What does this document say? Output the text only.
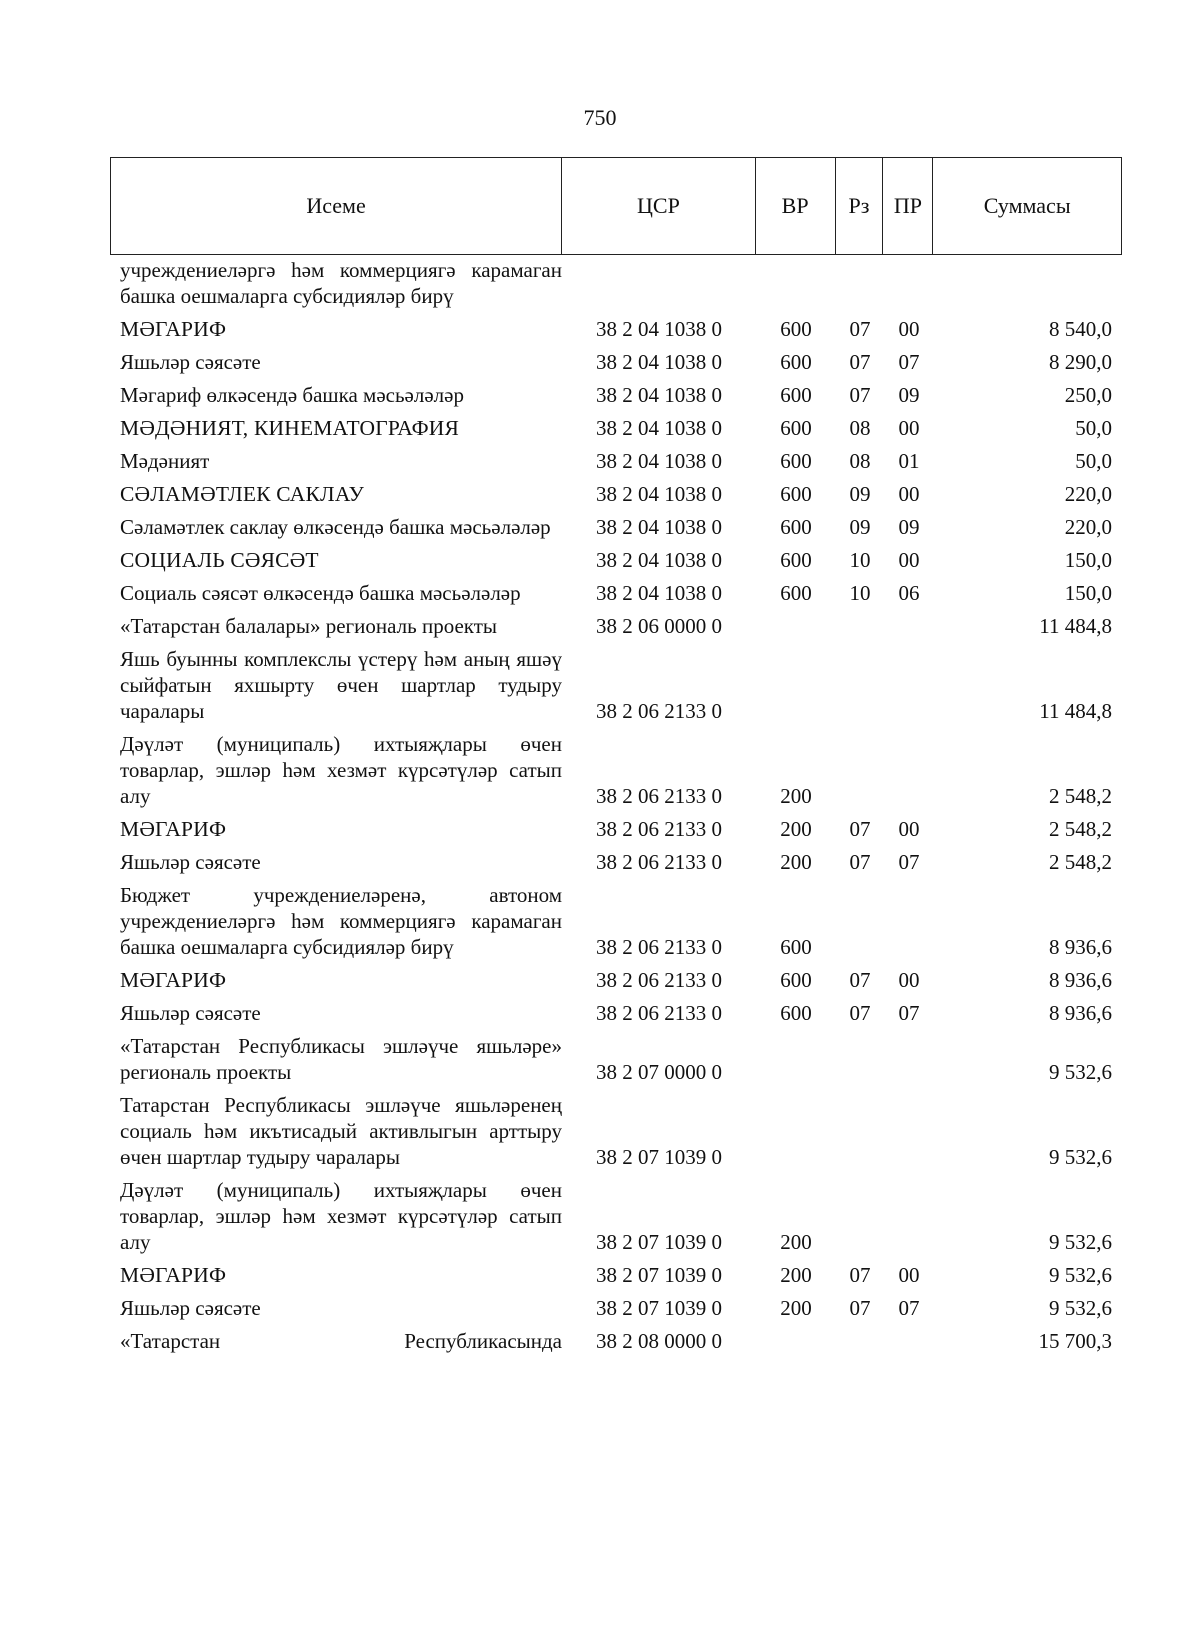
750
Исеме	ЦСР	ВР	Рз	ПР	Суммасы
учреждениеләргә һәм коммерциягә карамаган башка оешмаларга субсидияләр бирү
МӘГАРИФ	38 2 04 1038 0	600	07	00	8 540,0
Яшьләр сәясәте	38 2 04 1038 0	600	07	07	8 290,0
Мәгариф өлкәсендә башка мәсьәләләр	38 2 04 1038 0	600	07	09	250,0
МӘДӘНИЯТ, КИНЕМАТОГРАФИЯ	38 2 04 1038 0	600	08	00	50,0
Мәдәният	38 2 04 1038 0	600	08	01	50,0
СӘЛАМӘТЛЕК САКЛАУ	38 2 04 1038 0	600	09	00	220,0
Сәламәтлек саклау өлкәсендә башка мәсьәләләр	38 2 04 1038 0	600	09	09	220,0
СОЦИАЛЬ СӘЯСӘТ	38 2 04 1038 0	600	10	00	150,0
Социаль сәясәт өлкәсендә башка мәсьәләләр	38 2 04 1038 0	600	10	06	150,0
«Татарстан балалары» региональ проекты	38 2 06 0000 0	11 484,8
Яшь буынны комплекслы үстерү һәм аның яшәү сыйфатын яхшырту өчен шартлар тудыру чаралары	38 2 06 2133 0	11 484,8
Дәүләт (муниципаль) ихтыяҗлары өчен товарлар, эшләр һәм хезмәт күрсәтүләр сатып алу	38 2 06 2133 0	200	2 548,2
МӘГАРИФ	38 2 06 2133 0	200	07	00	2 548,2
Яшьләр сәясәте	38 2 06 2133 0	200	07	07	2 548,2
Бюджет учреждениеләренә, автоном учреждениеләргә һәм коммерциягә карамаган башка оешмаларга субсидияләр бирү	38 2 06 2133 0	600	8 936,6
МӘГАРИФ	38 2 06 2133 0	600	07	00	8 936,6
Яшьләр сәясәте	38 2 06 2133 0	600	07	07	8 936,6
«Татарстан Республикасы эшләүче яшьләре» региональ проекты	38 2 07 0000 0	9 532,6
Татарстан Республикасы эшләүче яшьләренең социаль һәм икътисадый активлыгын арттыру өчен шартлар тудыру чаралары	38 2 07 1039 0	9 532,6
Дәүләт (муниципаль) ихтыяҗлары өчен товарлар, эшләр һәм хезмәт күрсәтүләр сатып алу	38 2 07 1039 0	200	9 532,6
МӘГАРИФ	38 2 07 1039 0	200	07	00	9 532,6
Яшьләр сәясәте	38 2 07 1039 0	200	07	07	9 532,6
«Татарстан Республикасында	38 2 08 0000 0	15 700,3
